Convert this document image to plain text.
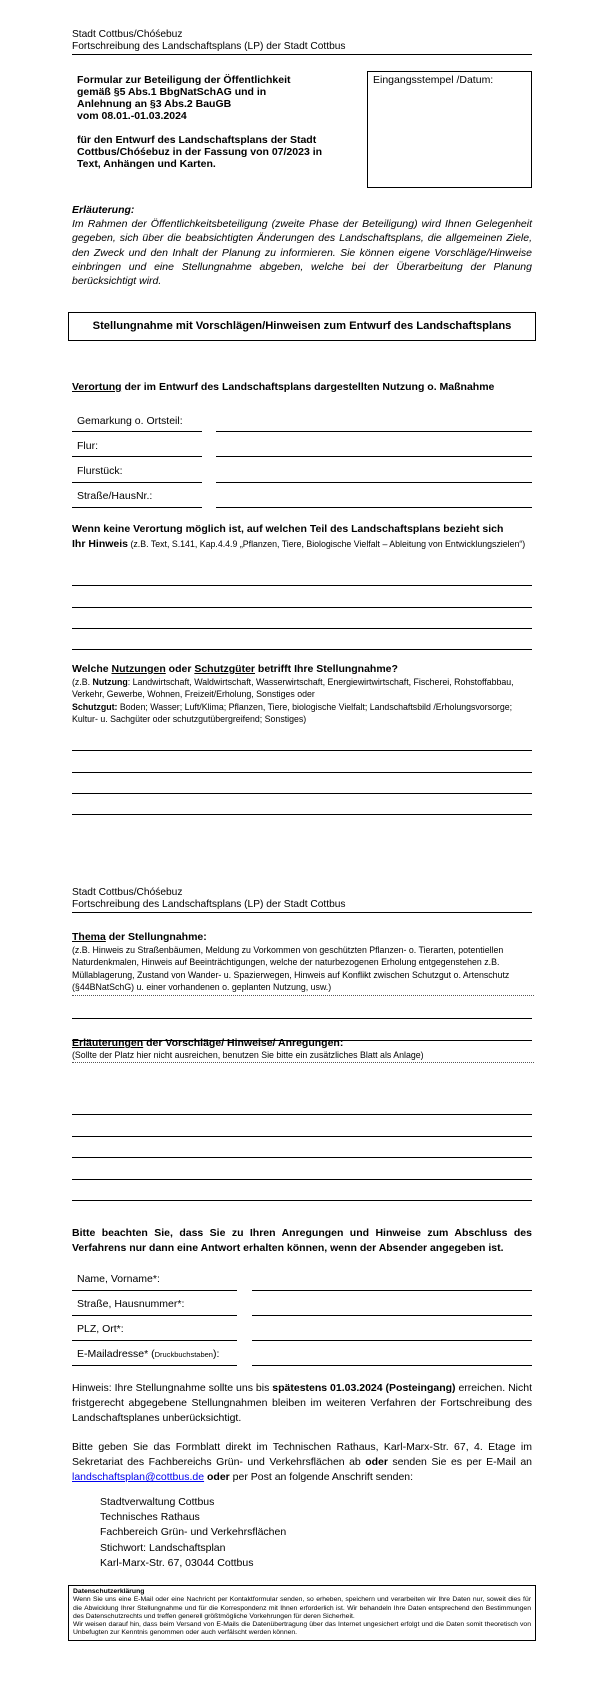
Stadt Cottbus/Chóśebuz
Fortschreibung des Landschaftsplans (LP) der Stadt Cottbus
Formular zur Beteiligung der Öffentlichkeit
gemäß §5 Abs.1 BbgNatSchAG und in
Anlehnung an §3 Abs.2 BauGB
vom 08.01.-01.03.2024
für den Entwurf des Landschaftsplans der Stadt
Cottbus/Chóśebuz in der Fassung von 07/2023 in
Text, Anhängen und Karten.
Eingangsstempel /Datum:
Erläuterung:
Im Rahmen der Öffentlichkeitsbeteiligung (zweite Phase der Beteiligung) wird Ihnen Gelegenheit gegeben, sich über die beabsichtigten Änderungen des Landschaftsplans, die allgemeinen Ziele, den Zweck und den Inhalt der Planung zu informieren. Sie können eigene Vorschläge/Hinweise einbringen und eine Stellungnahme abgeben, welche bei der Überarbeitung der Planung berücksichtigt wird.
Stellungnahme mit Vorschlägen/Hinweisen zum Entwurf des Landschaftsplans
Verortung der im Entwurf des Landschaftsplans dargestellten Nutzung o. Maßnahme
Gemarkung o. Ortsteil:
Flur:
Flurstück:
Straße/HausNr.:
Wenn keine Verortung möglich ist, auf welchen Teil des Landschaftsplans bezieht sich
Ihr Hinweis (z.B. Text, S.141, Kap.4.4.9 „Pflanzen, Tiere, Biologische Vielfalt – Ableitung von Entwicklungszielen“)
Welche Nutzungen oder Schutzgüter betrifft Ihre Stellungnahme?
(z.B. Nutzung: Landwirtschaft, Waldwirtschaft, Wasserwirtschaft, Energiewirtwirtschaft, Fischerei, Rohstoffabbau, Verkehr, Gewerbe, Wohnen, Freizeit/Erholung, Sonstiges oder
Schutzgut: Boden; Wasser; Luft/Klima; Pflanzen, Tiere, biologische Vielfalt; Landschaftsbild /Erholungsvorsorge; Kultur- u. Sachgüter oder schutzgutübergreifend; Sonstiges)
Stadt Cottbus/Chóśebuz
Fortschreibung des Landschaftsplans (LP) der Stadt Cottbus
Thema der Stellungnahme:
(z.B. Hinweis zu Straßenbäumen, Meldung zu Vorkommen von geschützten Pflanzen- o. Tierarten, potentiellen Naturdenkmalen, Hinweis auf Beeinträchtigungen, welche der naturbezogenen Erholung entgegenstehen z.B. Müllablagerung, Zustand von Wander- u. Spazierwegen, Hinweis auf Konflikt zwischen Schutzgut o. Artenschutz (§44BNatSchG) u. einer vorhandenen o. geplanten Nutzung, usw.)
Erläuterungen der Vorschläge/ Hinweise/ Anregungen:
(Sollte der Platz hier nicht ausreichen, benutzen Sie bitte ein zusätzliches Blatt als Anlage)
Bitte beachten Sie, dass Sie zu Ihren Anregungen und Hinweise zum Abschluss des Verfahrens nur dann eine Antwort erhalten können, wenn der Absender angegeben ist.
Name, Vorname*:
Straße, Hausnummer*:
PLZ, Ort*:
E-Mailadresse* (Druckbuchstaben):
Hinweis: Ihre Stellungnahme sollte uns bis spätestens 01.03.2024 (Posteingang) erreichen. Nicht fristgerecht abgegebene Stellungnahmen bleiben im weiteren Verfahren der Fortschreibung des Landschaftsplanes unberücksichtigt.
Bitte geben Sie das Formblatt direkt im Technischen Rathaus, Karl-Marx-Str. 67, 4. Etage im Sekretariat des Fachbereichs Grün- und Verkehrsflächen ab oder senden Sie es per E-Mail an landschaftsplan@cottbus.de oder per Post an folgende Anschrift senden:
Stadtverwaltung Cottbus
Technisches Rathaus
Fachbereich Grün- und Verkehrsflächen
Stichwort: Landschaftsplan
Karl-Marx-Str. 67, 03044 Cottbus
Datenschutzerklärung
Wenn Sie uns eine E-Mail oder eine Nachricht per Kontaktformular senden, so erheben, speichern und verarbeiten wir Ihre Daten nur, soweit dies für die Abwicklung Ihrer Stellungnahme und für die Korrespondenz mit Ihnen erforderlich ist. Wir behandeln Ihre Daten entsprechend den Bestimmungen des Datenschutzrechts und treffen generell größtmögliche Vorkehrungen für deren Sicherheit.
Wir weisen darauf hin, dass beim Versand von E-Mails die Datenübertragung über das Internet ungesichert erfolgt und die Daten somit theoretisch von Unbefugten zur Kenntnis genommen oder auch verfälscht werden können.
